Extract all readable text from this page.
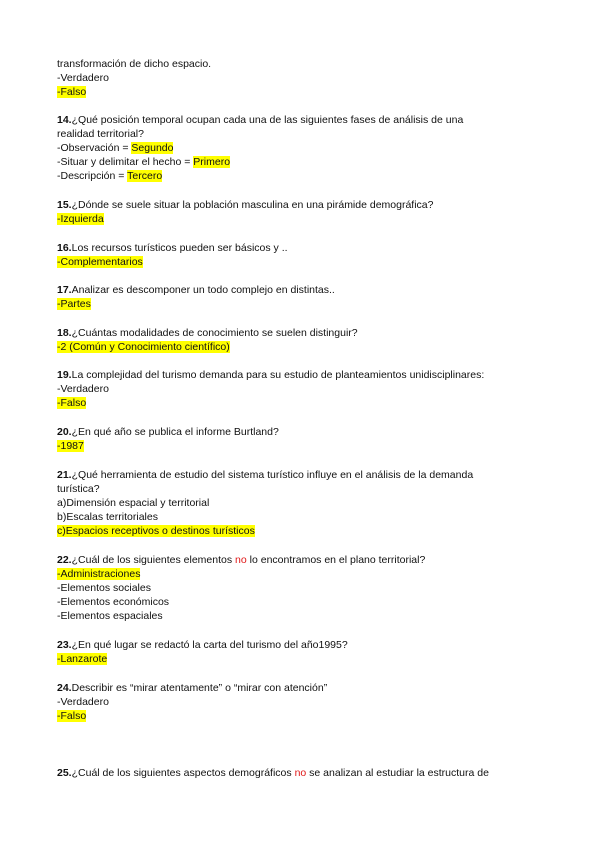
transformación de dicho espacio.
-Verdadero
-Falso
14.¿Qué posición temporal ocupan cada una de las siguientes fases de análisis de una
realidad territorial?
-Observación = Segundo
-Situar y delimitar el hecho = Primero
-Descripción = Tercero
15.¿Dónde se suele situar la población masculina en una pirámide demográfica?
-Izquierda
16.Los recursos turísticos pueden ser básicos y ..
-Complementarios
17.Analizar es descomponer un todo complejo en distintas..
-Partes
18.¿Cuántas modalidades de conocimiento se suelen distinguir?
-2 (Común y Conocimiento científico)
19.La complejidad del turismo demanda para su estudio de planteamientos unidisciplinares:
-Verdadero
-Falso
20.¿En qué año se publica el informe Burtland?
-1987
21.¿Qué herramienta de estudio del sistema turístico influye en el análisis de la demanda
turística?
a)Dimensión espacial y territorial
b)Escalas territoriales
c)Espacios receptivos o destinos turísticos
22.¿Cuál de los siguientes elementos no lo encontramos en el plano territorial?
-Administraciones
-Elementos sociales
-Elementos económicos
-Elementos espaciales
23.¿En qué lugar se redactó la carta del turismo del año1995?
-Lanzarote
24.Describir es “mirar atentamente” o “mirar con atención”
-Verdadero
-Falso
25.¿Cuál de los siguientes aspectos demográficos no se analizan al estudiar la estructura de
